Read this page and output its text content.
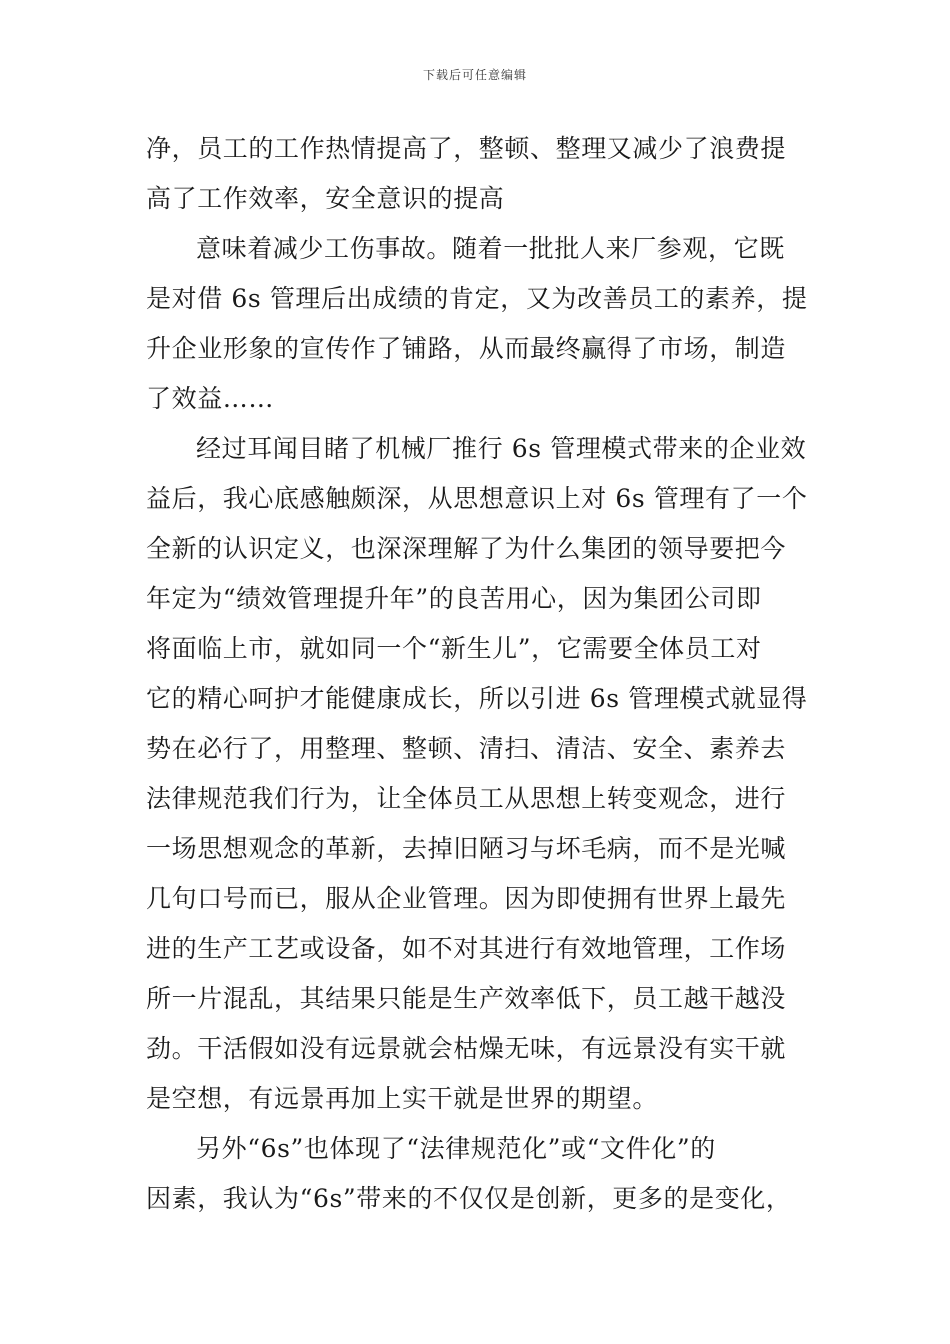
下载后可任意编辑
净，员工的工作热情提高了，整顿、整理又减少了浪费提
高了工作效率，安全意识的提高
意味着减少工伤事故。随着一批批人来厂参观，它既
是对借 6s 管理后出成绩的肯定，又为改善员工的素养，提
升企业形象的宣传作了铺路，从而最终赢得了市场，制造
了效益……
经过耳闻目睹了机械厂推行 6s 管理模式带来的企业效
益后，我心底感触颇深，从思想意识上对 6s 管理有了一个
全新的认识定义，也深深理解了为什么集团的领导要把今
年定为“绩效管理提升年”的良苦用心，因为集团公司即
将面临上市，就如同一个“新生儿”，它需要全体员工对
它的精心呵护才能健康成长，所以引进 6s 管理模式就显得
势在必行了，用整理、整顿、清扫、清洁、安全、素养去
法律规范我们行为，让全体员工从思想上转变观念，进行
一场思想观念的革新，去掉旧陋习与坏毛病，而不是光喊
几句口号而已，服从企业管理。因为即使拥有世界上最先
进的生产工艺或设备，如不对其进行有效地管理，工作场
所一片混乱，其结果只能是生产效率低下，员工越干越没
劲。干活假如没有远景就会枯燥无味，有远景没有实干就
是空想，有远景再加上实干就是世界的期望。
另外“6s”也体现了“法律规范化”或“文件化”的
因素，我认为“6s”带来的不仅仅是创新，更多的是变化，
